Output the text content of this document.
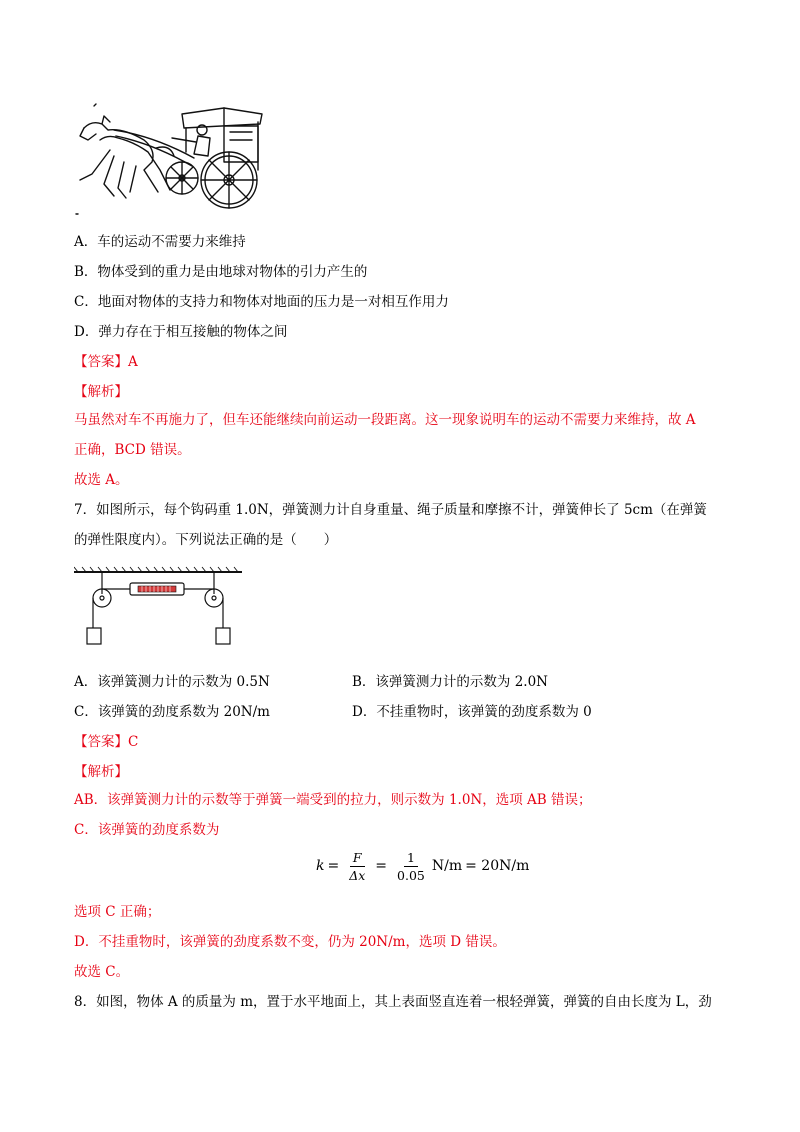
A．车的运动不需要力来维持
B．物体受到的重力是由地球对物体的引力产生的
C．地面对物体的支持力和物体对地面的压力是一对相互作用力
D．弹力存在于相互接触的物体之间
【答案】A
【解析】
马虽然对车不再施力了，但车还能继续向前运动一段距离。这一现象说明车的运动不需要力来维持，故 A
正确，BCD 错误。
故选 A。
7．如图所示，每个钩码重 1.0N，弹簧测力计自身重量、绳子质量和摩擦不计，弹簧伸长了 5cm（在弹簧
的弹性限度内）。下列说法正确的是（　　）
A．该弹簧测力计的示数为 0.5N	B．该弹簧测力计的示数为 2.0N
C．该弹簧的劲度系数为 20N/m	D．不挂重物时，该弹簧的劲度系数为 0
【答案】C
【解析】
AB．该弹簧测力计的示数等于弹簧一端受到的拉力，则示数为 1.0N，选项 AB 错误；
C．该弹簧的劲度系数为
$k = \frac{F}{\Delta x} = \frac{1}{0.05} N/m = 20N/m$
选项 C 正确；
D．不挂重物时，该弹簧的劲度系数不变，仍为 20N/m，选项 D 错误。
故选 C。
8．如图，物体 A 的质量为 m，置于水平地面上，其上表面竖直连着一根轻弹簧，弹簧的自由长度为 L，劲
